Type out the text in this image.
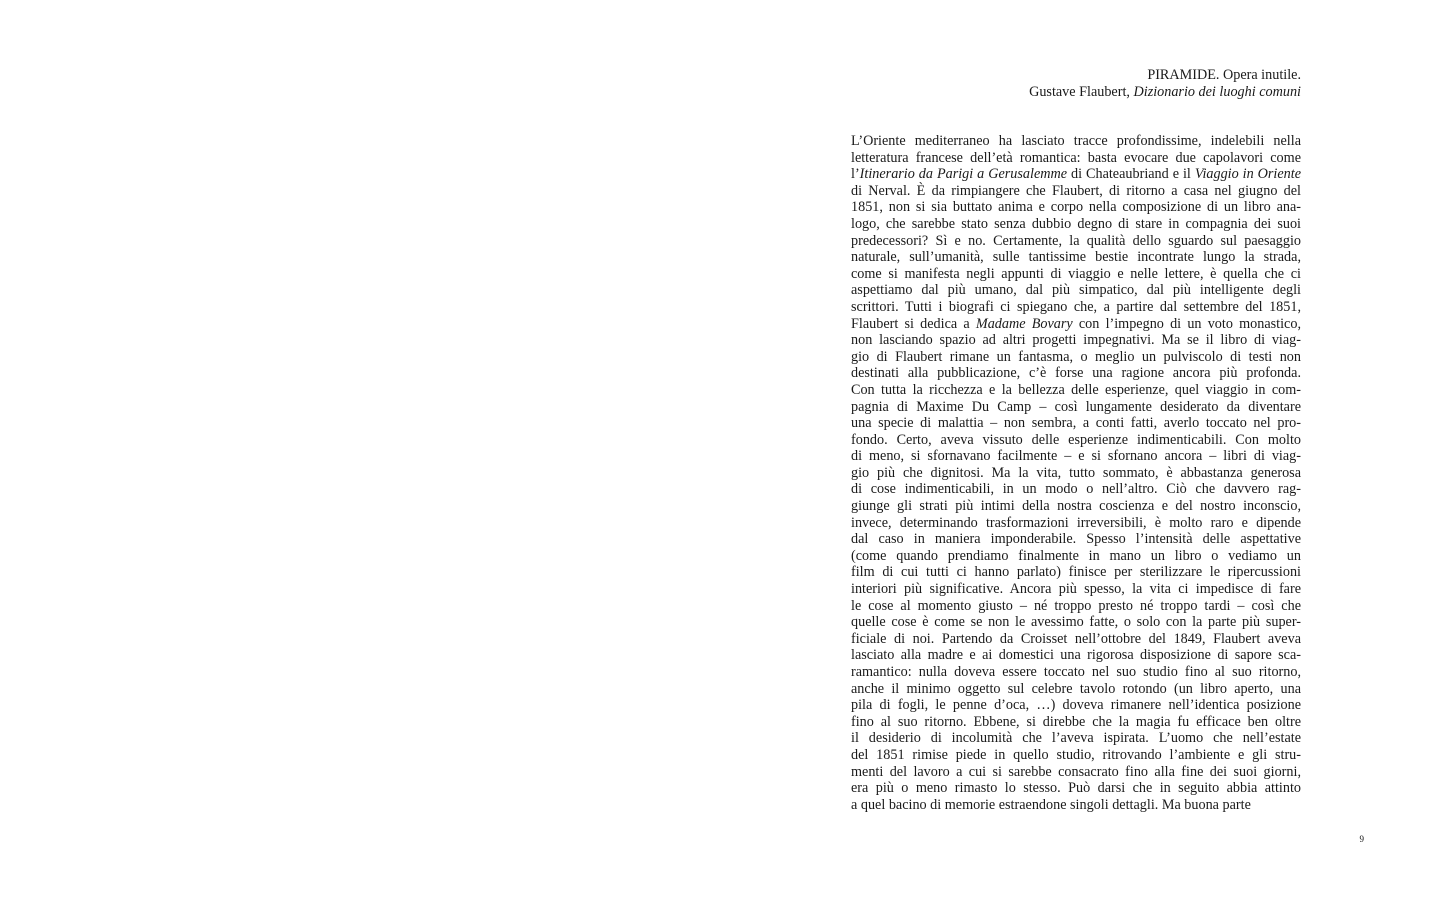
PIRAMIDE. Opera inutile.
Gustave Flaubert, Dizionario dei luoghi comuni
L’Oriente mediterraneo ha lasciato tracce profondissime, indelebili nella
letteratura francese dell’età romantica: basta evocare due capolavori come
l’Itinerario da Parigi a Gerusalemme di Chateaubriand e il Viaggio in Oriente
di Nerval. È da rimpiangere che Flaubert, di ritorno a casa nel giugno del
1851, non si sia buttato anima e corpo nella composizione di un libro ana-
logo, che sarebbe stato senza dubbio degno di stare in compagnia dei suoi
predecessori? Sì e no. Certamente, la qualità dello sguardo sul paesaggio
naturale, sull’umanità, sulle tantissime bestie incontrate lungo la strada,
come si manifesta negli appunti di viaggio e nelle lettere, è quella che ci
aspettiamo dal più umano, dal più simpatico, dal più intelligente degli
scrittori. Tutti i biografi ci spiegano che, a partire dal settembre del 1851,
Flaubert si dedica a Madame Bovary con l’impegno di un voto monastico,
non lasciando spazio ad altri progetti impegnativi. Ma se il libro di viag-
gio di Flaubert rimane un fantasma, o meglio un pulviscolo di testi non
destinati alla pubblicazione, c’è forse una ragione ancora più profonda.
Con tutta la ricchezza e la bellezza delle esperienze, quel viaggio in com-
pagnia di Maxime Du Camp – così lungamente desiderato da diventare
una specie di malattia – non sembra, a conti fatti, averlo toccato nel pro-
fondo. Certo, aveva vissuto delle esperienze indimenticabili. Con molto
di meno, si sfornavano facilmente – e si sfornano ancora – libri di viag-
gio più che dignitosi. Ma la vita, tutto sommato, è abbastanza generosa
di cose indimenticabili, in un modo o nell’altro. Ciò che davvero rag-
giunge gli strati più intimi della nostra coscienza e del nostro inconscio,
invece, determinando trasformazioni irreversibili, è molto raro e dipende
dal caso in maniera imponderabile. Spesso l’intensità delle aspettative
(come quando prendiamo finalmente in mano un libro o vediamo un
film di cui tutti ci hanno parlato) finisce per sterilizzare le ripercussioni
interiori più significative. Ancora più spesso, la vita ci impedisce di fare
le cose al momento giusto – né troppo presto né troppo tardi – così che
quelle cose è come se non le avessimo fatte, o solo con la parte più super-
ficiale di noi. Partendo da Croisset nell’ottobre del 1849, Flaubert aveva
lasciato alla madre e ai domestici una rigorosa disposizione di sapore sca-
ramantico: nulla doveva essere toccato nel suo studio fino al suo ritorno,
anche il minimo oggetto sul celebre tavolo rotondo (un libro aperto, una
pila di fogli, le penne d’oca, …) doveva rimanere nell’identica posizione
fino al suo ritorno. Ebbene, si direbbe che la magia fu efficace ben oltre
il desiderio di incolumità che l’aveva ispirata. L’uomo che nell’estate
del 1851 rimise piede in quello studio, ritrovando l’ambiente e gli stru-
menti del lavoro a cui si sarebbe consacrato fino alla fine dei suoi giorni,
era più o meno rimasto lo stesso. Può darsi che in seguito abbia attinto
a quel bacino di memorie estraendone singoli dettagli. Ma buona parte
9
